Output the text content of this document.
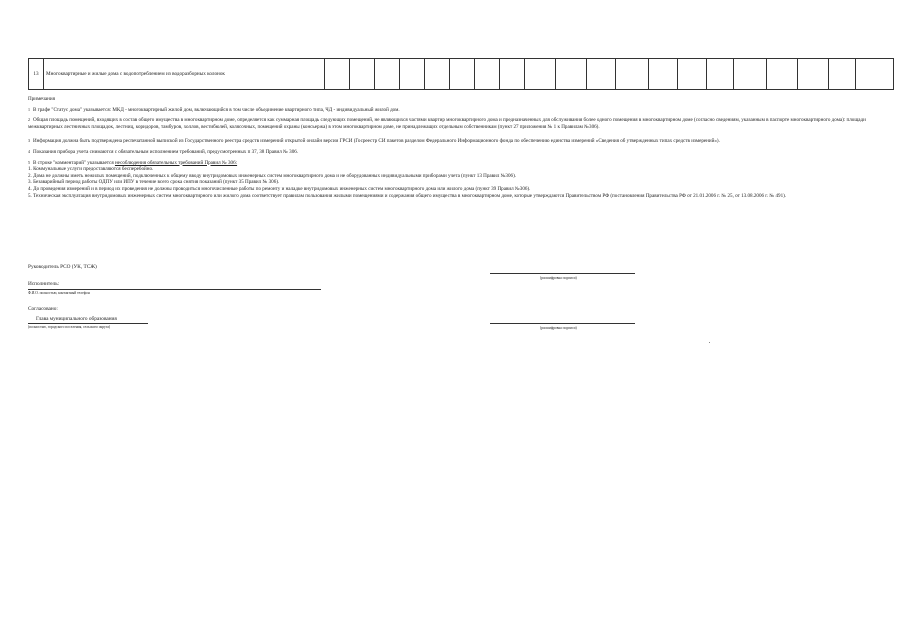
13	Многоквартирные и жилые дома с водопотреблением из водоразборных колонок																				

Примечания

$^1$ В графе "Статус дома" указывается: МКД - многоквартирный жилой дом, включающийся в том числе объединение квартирного типа, ЧД - индивидуальный жилой дом.

$^2$ Общая площадь помещений, входящих в состав общего имущества в многоквартирном доме, определяется как суммарная площадь следующих помещений, не являющихся частями квартир многоквартирного дома и предназначенных для обслуживания более одного помещения в многоквартирном доме (согласно сведениям, указанным в паспорте многоквартирного дома): площади межквартирных лестничных площадок, лестниц, коридоров, тамбуров, холлов, вестибюлей, колясочных, помещений охраны (консьержа) в этом многоквартирном доме, не принадлежащих отдельным собственникам (пункт 27 приложения № 1 к Правилам №306).

$^3$ Информация должна быть подтверждена респечатанной выпиской из Государственного реестра средств измерений открытой онлайн версии ГРСИ (Госреестр СИ пакетов разделом Федерального Информационного фонда по обеспечению единства измерений «Сведения об утвержденных типах средств измерений»).

$^4$ Показания прибора учета снимаются с обязательным исполнением требований, предусмотренных п 37, 38 Правил № 306.

$^5$ В строке "комментарий" указывается несоблюдения обязательных требований Правил № 306:

1. Коммунальные услуги предоставляются бесперебойно.

2. Дома не должны иметь нежилых помещений, подключенных к общему вводу внутридомовых инженерных систем многоквартирного дома и не оборудованных индивидуальными приборами учета (пункт 13 Правил №306).

3. Безаварийный период работы ОДПУ или ИПУ в течение всего срока снятия показаний (пункт 35 Правил № 306).

4. До проведения измерений и в период их проведения не должны проводиться многочисленные работы по ремонту и наладке внутридомовых инженерных систем многоквартирного дома или жилого дома (пункт 39 Правил №306).

5. Техническая эксплуатация внутридомовых инженерных систем многоквартирного или жилого дома соответствует правилам пользования жилыми помещениями и содержания общего имущества в многоквартирном доме, которые утверждаются Правительством РФ (постановления Правительства РФ от 21.01.2006 г. № 25, от 13.08.2006 г. № 491).

Руководитель РСО (УК, ТСЖ)
(расшифровка подписи)
Исполнитель:
Ф.И.О. полностью, контактный телефон
Согласовано:
Глава муниципального образования
(полностью, городского поселения, сельского округа)	(расшифровка подписи)
